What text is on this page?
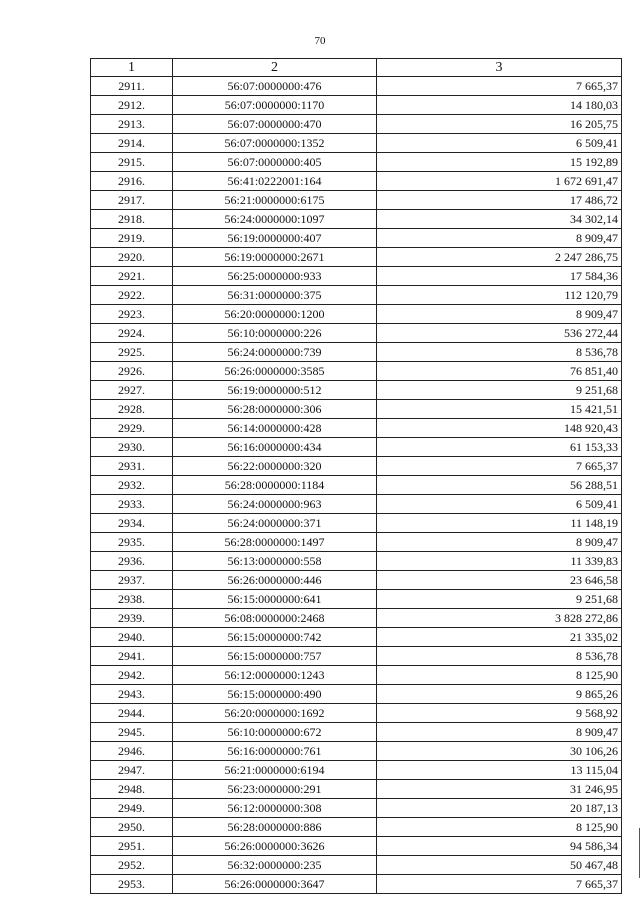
70
1	2	3
2911.	56:07:0000000:476	7 665,37
2912.	56:07:0000000:1170	14 180,03
2913.	56:07:0000000:470	16 205,75
2914.	56:07:0000000:1352	6 509,41
2915.	56:07:0000000:405	15 192,89
2916.	56:41:0222001:164	1 672 691,47
2917.	56:21:0000000:6175	17 486,72
2918.	56:24:0000000:1097	34 302,14
2919.	56:19:0000000:407	8 909,47
2920.	56:19:0000000:2671	2 247 286,75
2921.	56:25:0000000:933	17 584,36
2922.	56:31:0000000:375	112 120,79
2923.	56:20:0000000:1200	8 909,47
2924.	56:10:0000000:226	536 272,44
2925.	56:24:0000000:739	8 536,78
2926.	56:26:0000000:3585	76 851,40
2927.	56:19:0000000:512	9 251,68
2928.	56:28:0000000:306	15 421,51
2929.	56:14:0000000:428	148 920,43
2930.	56:16:0000000:434	61 153,33
2931.	56:22:0000000:320	7 665,37
2932.	56:28:0000000:1184	56 288,51
2933.	56:24:0000000:963	6 509,41
2934.	56:24:0000000:371	11 148,19
2935.	56:28:0000000:1497	8 909,47
2936.	56:13:0000000:558	11 339,83
2937.	56:26:0000000:446	23 646,58
2938.	56:15:0000000:641	9 251,68
2939.	56:08:0000000:2468	3 828 272,86
2940.	56:15:0000000:742	21 335,02
2941.	56:15:0000000:757	8 536,78
2942.	56:12:0000000:1243	8 125,90
2943.	56:15:0000000:490	9 865,26
2944.	56:20:0000000:1692	9 568,92
2945.	56:10:0000000:672	8 909,47
2946.	56:16:0000000:761	30 106,26
2947.	56:21:0000000:6194	13 115,04
2948.	56:23:0000000:291	31 246,95
2949.	56:12:0000000:308	20 187,13
2950.	56:28:0000000:886	8 125,90
2951.	56:26:0000000:3626	94 586,34
2952.	56:32:0000000:235	50 467,48
2953.	56:26:0000000:3647	7 665,37
